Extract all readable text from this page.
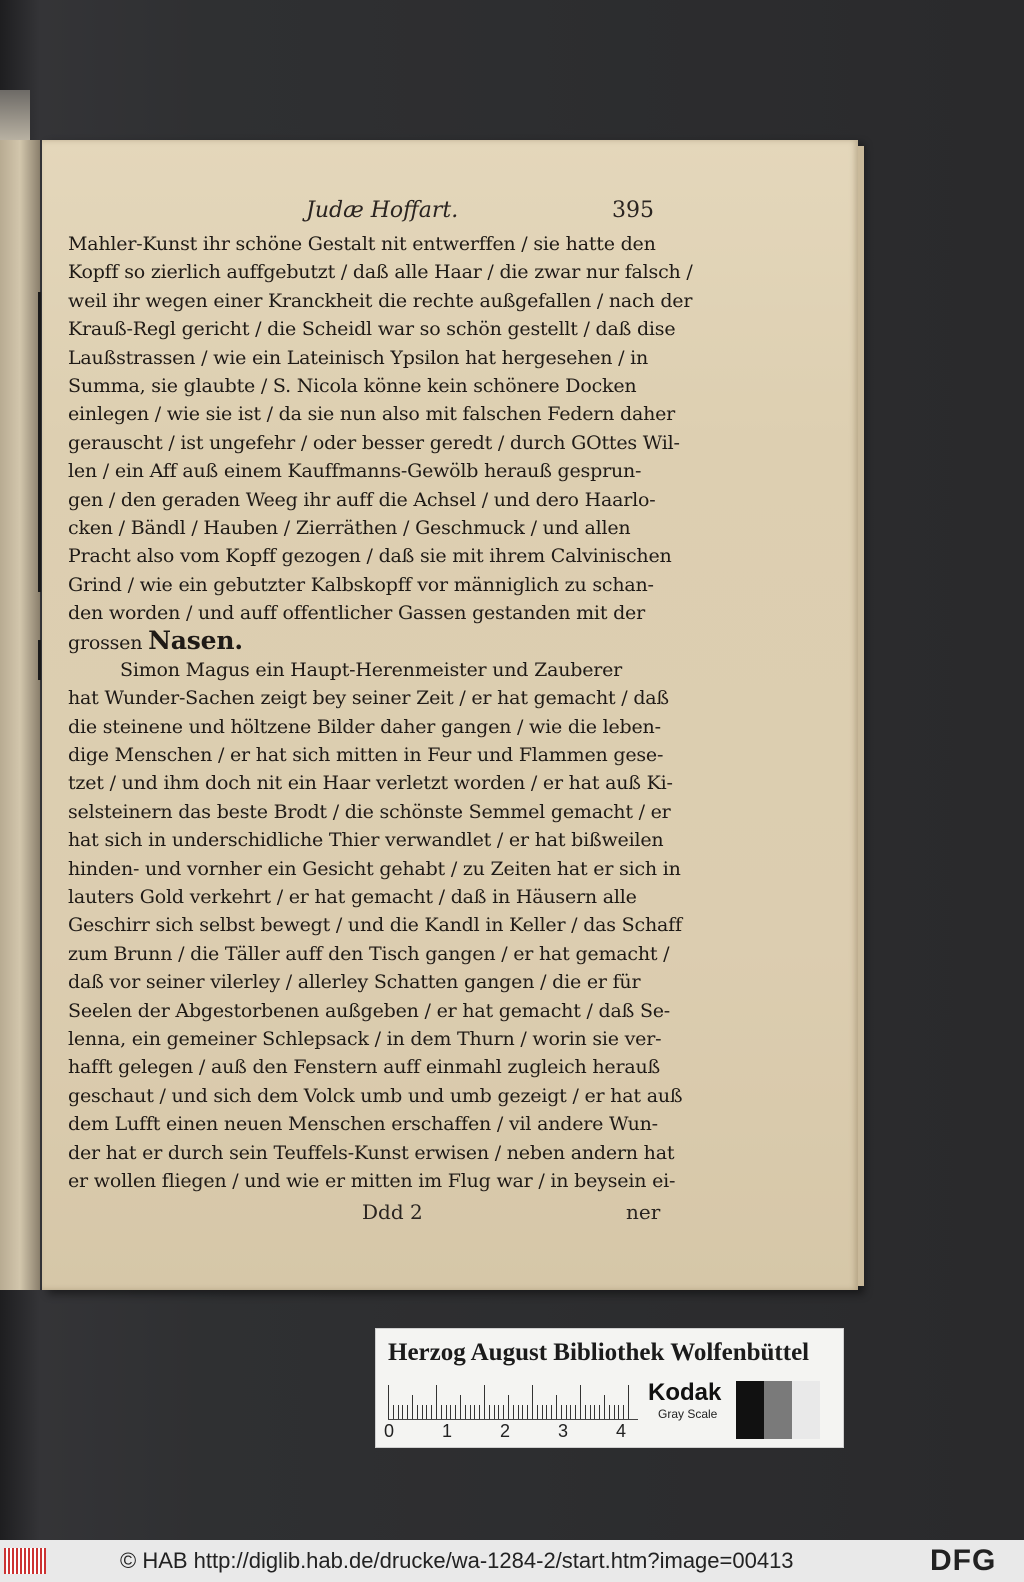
Judæ Hoffart.	395
Mahler-Kunst ihr schöne Gestalt nit entwerffen / sie hatte den
Kopff so zierlich auffgebutzt / daß alle Haar / die zwar nur falsch /
weil ihr wegen einer Kranckheit die rechte außgefallen / nach der
Krauß-Regl gericht / die Scheidl war so schön gestellt / daß dise
Laußstrassen / wie ein Lateinisch Ypsilon hat hergesehen / in
Summa, sie glaubte / S. Nicola könne kein schönere Docken
einlegen / wie sie ist / da sie nun also mit falschen Federn daher
gerauscht / ist ungefehr / oder besser geredt / durch GOttes Wil-
len / ein Aff auß einem Kauffmanns-Gewölb herauß gesprun-
gen / den geraden Weeg ihr auff die Achsel / und dero Haarlo-
cken / Bändl / Hauben / Zierräthen / Geschmuck / und allen
Pracht also vom Kopff gezogen / daß sie mit ihrem Calvinischen
Grind / wie ein gebutzter Kalbskopff vor männiglich zu schan-
den worden / und auff offentlicher Gassen gestanden mit der
grossen Nasen.
Simon Magus ein Haupt-Herenmeister und Zauberer
hat Wunder-Sachen zeigt bey seiner Zeit / er hat gemacht / daß
die steinene und höltzene Bilder daher gangen / wie die leben-
dige Menschen / er hat sich mitten in Feur und Flammen gese-
tzet / und ihm doch nit ein Haar verletzt worden / er hat auß Ki-
selsteinern das beste Brodt / die schönste Semmel gemacht / er
hat sich in underschidliche Thier verwandlet / er hat bißweilen
hinden- und vornher ein Gesicht gehabt / zu Zeiten hat er sich in
lauters Gold verkehrt / er hat gemacht / daß in Häusern alle
Geschirr sich selbst bewegt / und die Kandl in Keller / das Schaff
zum Brunn / die Täller auff den Tisch gangen / er hat gemacht /
daß vor seiner vilerley / allerley Schatten gangen / die er für
Seelen der Abgestorbenen außgeben / er hat gemacht / daß Se-
lenna, ein gemeiner Schlepsack / in dem Thurn / worin sie ver-
hafft gelegen / auß den Fenstern auff einmahl zugleich herauß
geschaut / und sich dem Volck umb und umb gezeigt / er hat auß
dem Lufft einen neuen Menschen erschaffen / vil andere Wun-
der hat er durch sein Teuffels-Kunst erwisen / neben andern hat
er wollen fliegen / und wie er mitten im Flug war / in beysein ei-
Ddd 2	ner
Herzog August Bibliothek Wolfenbüttel
0	1	2	3	4
Kodak
Gray Scale
© HAB http://diglib.hab.de/drucke/wa-1284-2/start.htm?image=00413	DFG
